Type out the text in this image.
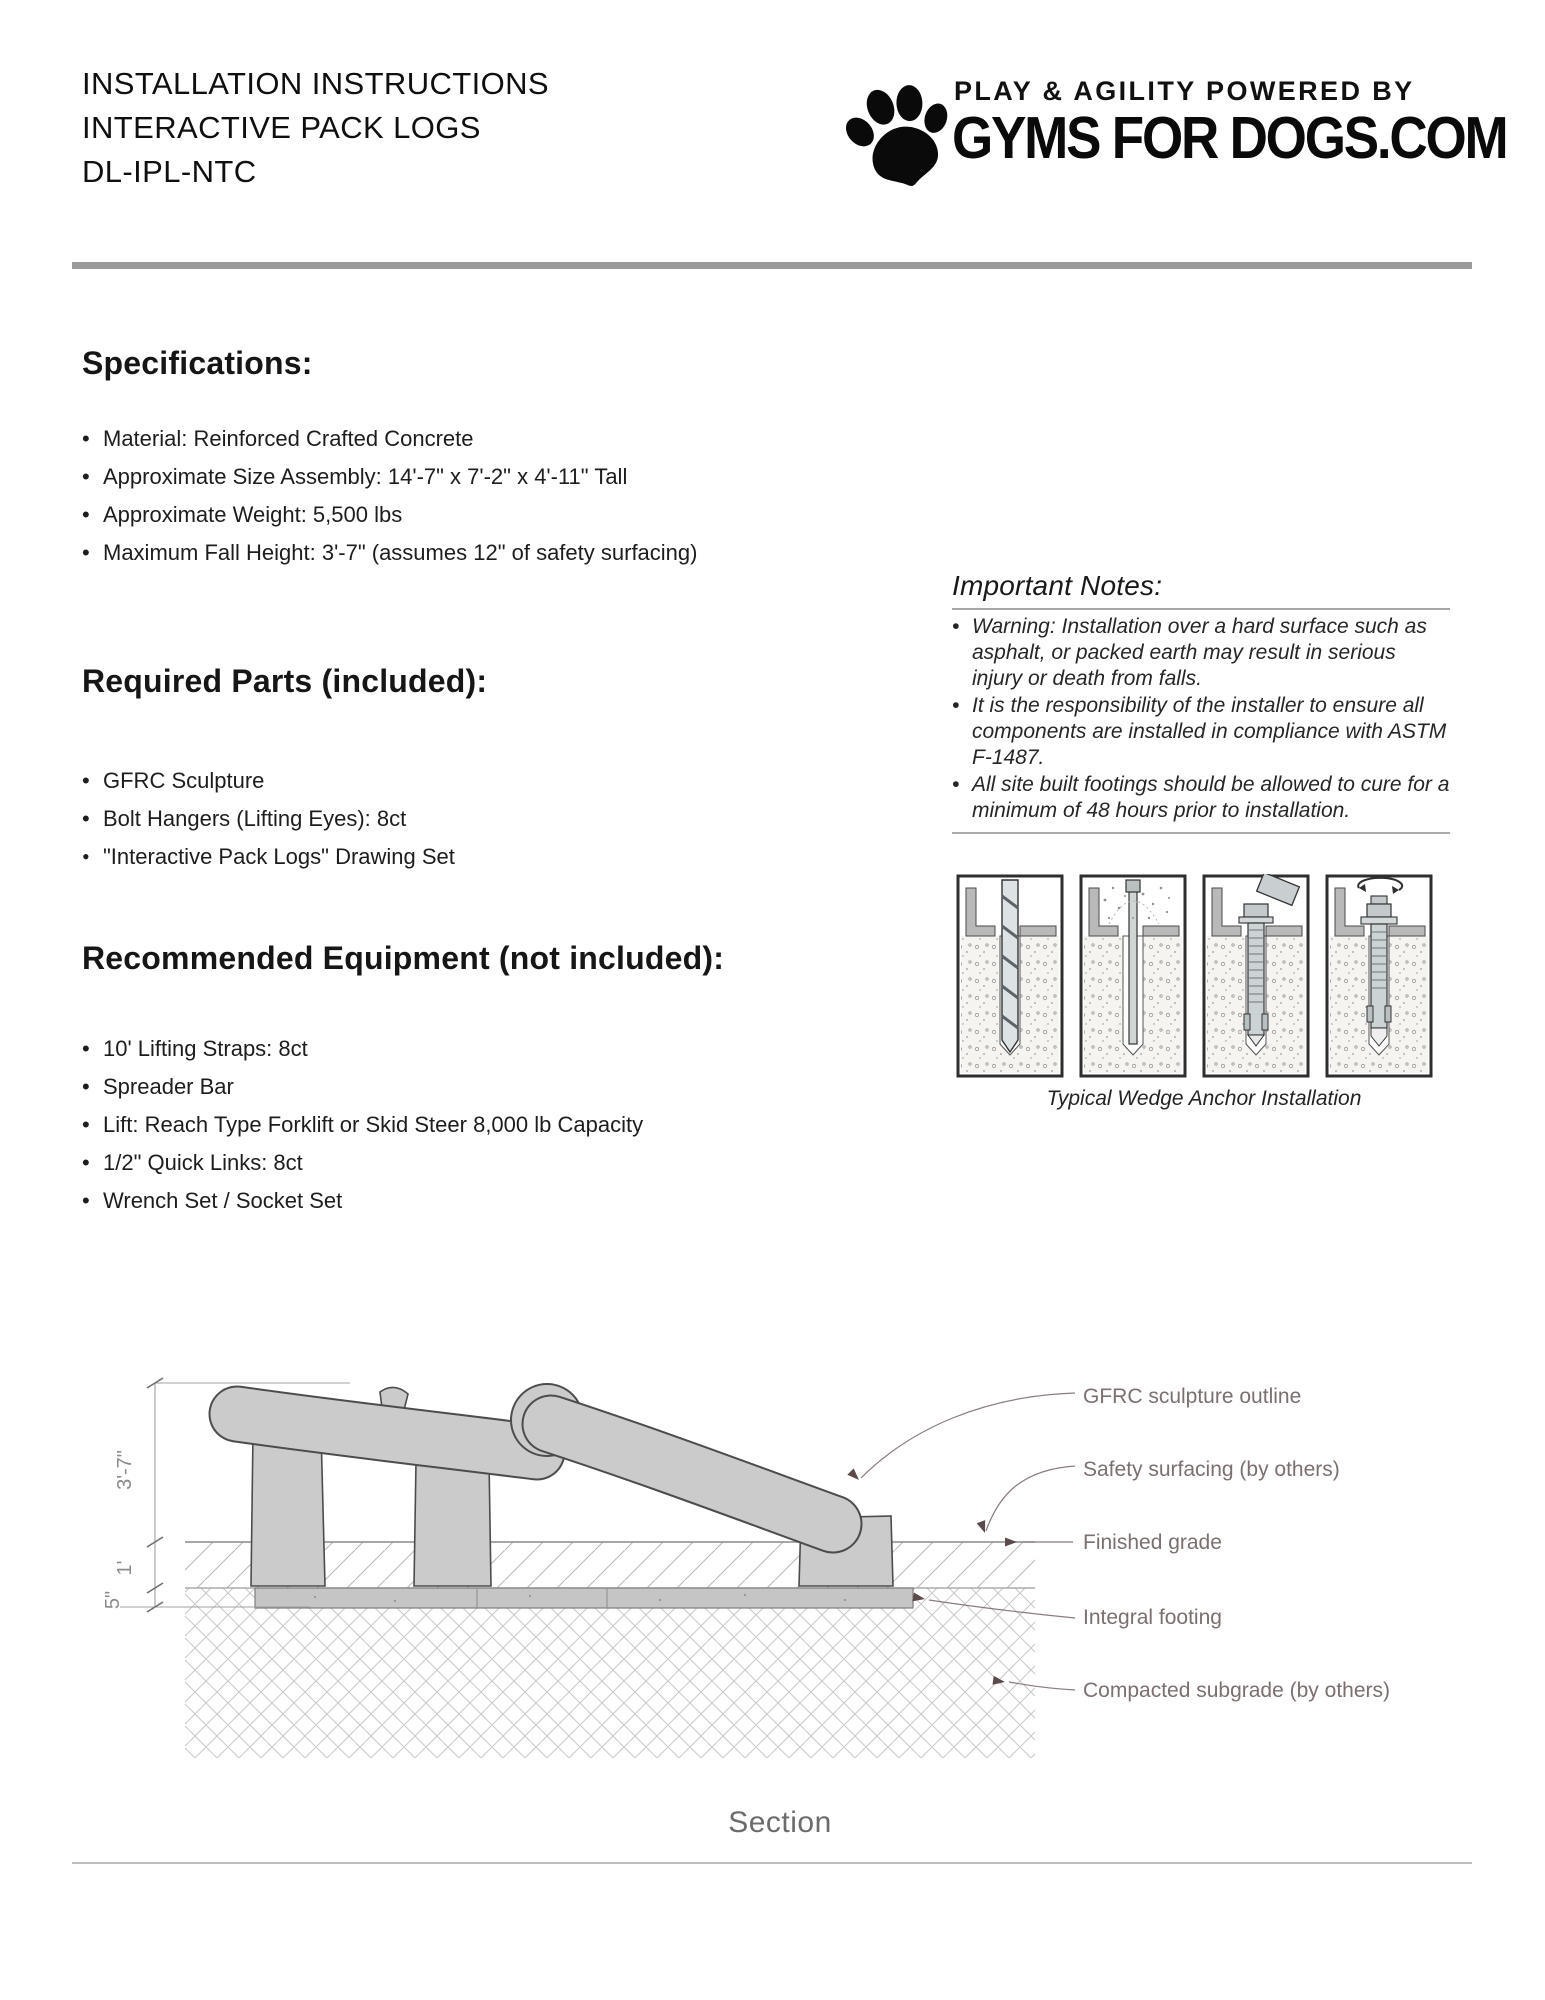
INSTALLATION INSTRUCTIONS
INTERACTIVE PACK LOGS
DL-IPL-NTC
PLAY & AGILITY POWERED BY
GYMS FOR DOGS.COM
Specifications:
• Material: Reinforced Crafted Concrete
• Approximate Size Assembly: 14'-7" x 7'-2" x 4'-11" Tall
• Approximate Weight: 5,500 lbs
• Maximum Fall Height: 3'-7" (assumes 12" of safety surfacing)
Required Parts (included):
• GFRC Sculpture
• Bolt Hangers (Lifting Eyes): 8ct
• "Interactive Pack Logs" Drawing Set
Recommended Equipment (not included):
• 10' Lifting Straps: 8ct
• Spreader Bar
• Lift: Reach Type Forklift or Skid Steer 8,000 lb Capacity
• 1/2" Quick Links: 8ct
• Wrench Set / Socket Set
Important Notes:
• Warning: Installation over a hard surface such as asphalt, or packed earth may result in serious injury or death from falls.
• It is the responsibility of the installer to ensure all components are installed in compliance with ASTM F-1487.
• All site built footings should be allowed to cure for a minimum of 48 hours prior to installation.
Typical Wedge Anchor Installation
3'-7"
1'
5"
GFRC sculpture outline
Safety surfacing (by others)
Finished grade
Integral footing
Compacted subgrade (by others)
Section
